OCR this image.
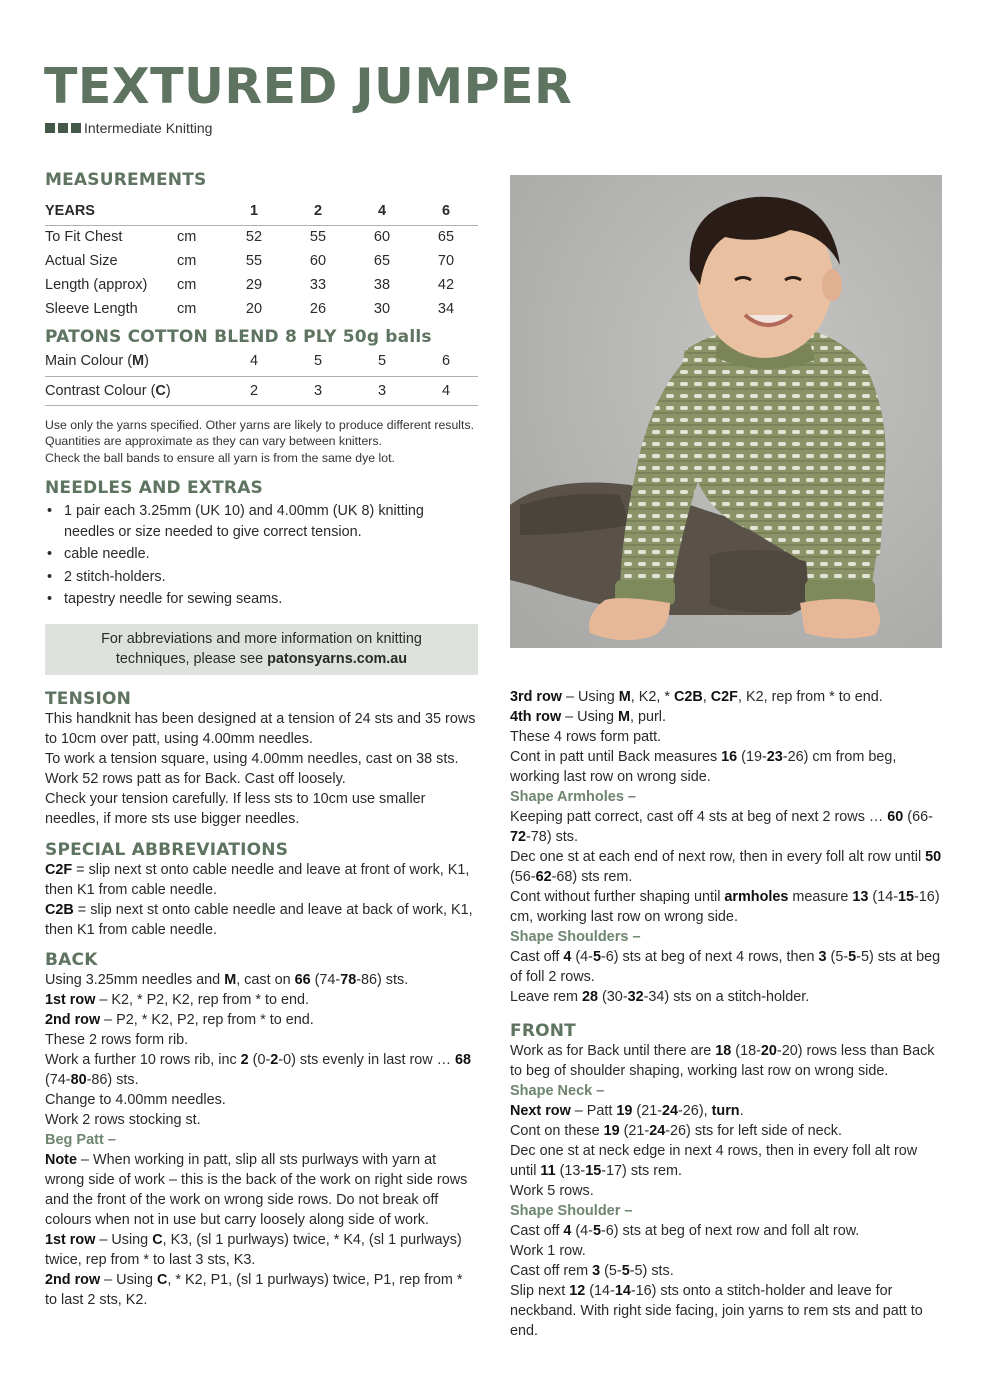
TEXTURED JUMPER
Intermediate Knitting
MEASUREMENTS
YEARS		1	2	4	6
To Fit Chest	cm	52	55	60	65
Actual Size	cm	55	60	65	70
Length (approx)	cm	29	33	38	42
Sleeve Length	cm	20	26	30	34
PATONS COTTON BLEND 8 PLY 50g balls
Main Colour (M)	4	5	5	6
Contrast Colour (C)	2	3	3	4
Use only the yarns specified. Other yarns are likely to produce different results.
Quantities are approximate as they can vary between knitters.
Check the ball bands to ensure all yarn is from the same dye lot.
NEEDLES AND EXTRAS
• 1 pair each 3.25mm (UK 10) and 4.00mm (UK 8) knitting needles or size needed to give correct tension.
• cable needle.
• 2 stitch-holders.
• tapestry needle for sewing seams.
For abbreviations and more information on knitting
techniques, please see patonsyarns.com.au
TENSION

This handknit has been designed at a tension of 24 sts and 35 rows to 10cm over patt, using 4.00mm needles.

To work a tension square, using 4.00mm needles, cast on 38 sts. Work 52 rows patt as for Back. Cast off loosely.

Check your tension carefully. If less sts to 10cm use smaller needles, if more sts use bigger needles.

SPECIAL ABBREVIATIONS

C2F = slip next st onto cable needle and leave at front of work, K1, then K1 from cable needle.

C2B = slip next st onto cable needle and leave at back of work, K1, then K1 from cable needle.

BACK

Using 3.25mm needles and M, cast on 66 (74-78-86) sts.

1st row – K2, * P2, K2, rep from * to end.

2nd row – P2, * K2, P2, rep from * to end.

These 2 rows form rib.

Work a further 10 rows rib, inc 2 (0-2-0) sts evenly in last row … 68 (74-80-86) sts.

Change to 4.00mm needles.

Work 2 rows stocking st.

Beg Patt –

Note – When working in patt, slip all sts purlways with yarn at wrong side of work – this is the back of the work on right side rows and the front of the work on wrong side rows. Do not break off colours when not in use but carry loosely along side of work.

1st row – Using C, K3, (sl 1 purlways) twice, * K4, (sl 1 purlways) twice, rep from * to last 3 sts, K3.

2nd row – Using C, * K2, P1, (sl 1 purlways) twice, P1, rep from * to last 2 sts, K2.

3rd row – Using M, K2, * C2B, C2F, K2, rep from * to end.

4th row – Using M, purl.

These 4 rows form patt.

Cont in patt until Back measures 16 (19-23-26) cm from beg, working last row on wrong side.

Shape Armholes –

Keeping patt correct, cast off 4 sts at beg of next 2 rows … 60 (66-72-78) sts.

Dec one st at each end of next row, then in every foll alt row until 50 (56-62-68) sts rem.

Cont without further shaping until armholes measure 13 (14-15-16) cm, working last row on wrong side.

Shape Shoulders –

Cast off 4 (4-5-6) sts at beg of next 4 rows, then 3 (5-5-5) sts at beg of foll 2 rows.

Leave rem 28 (30-32-34) sts on a stitch-holder.

FRONT

Work as for Back until there are 18 (18-20-20) rows less than Back to beg of shoulder shaping, working last row on wrong side.

Shape Neck –

Next row – Patt 19 (21-24-26), turn.

Cont on these 19 (21-24-26) sts for left side of neck.

Dec one st at neck edge in next 4 rows, then in every foll alt row until 11 (13-15-17) sts rem.

Work 5 rows.

Shape Shoulder –

Cast off 4 (4-5-6) sts at beg of next row and foll alt row.

Work 1 row.

Cast off rem 3 (5-5-5) sts.

Slip next 12 (14-14-16) sts onto a stitch-holder and leave for neckband. With right side facing, join yarns to rem sts and patt to end.
